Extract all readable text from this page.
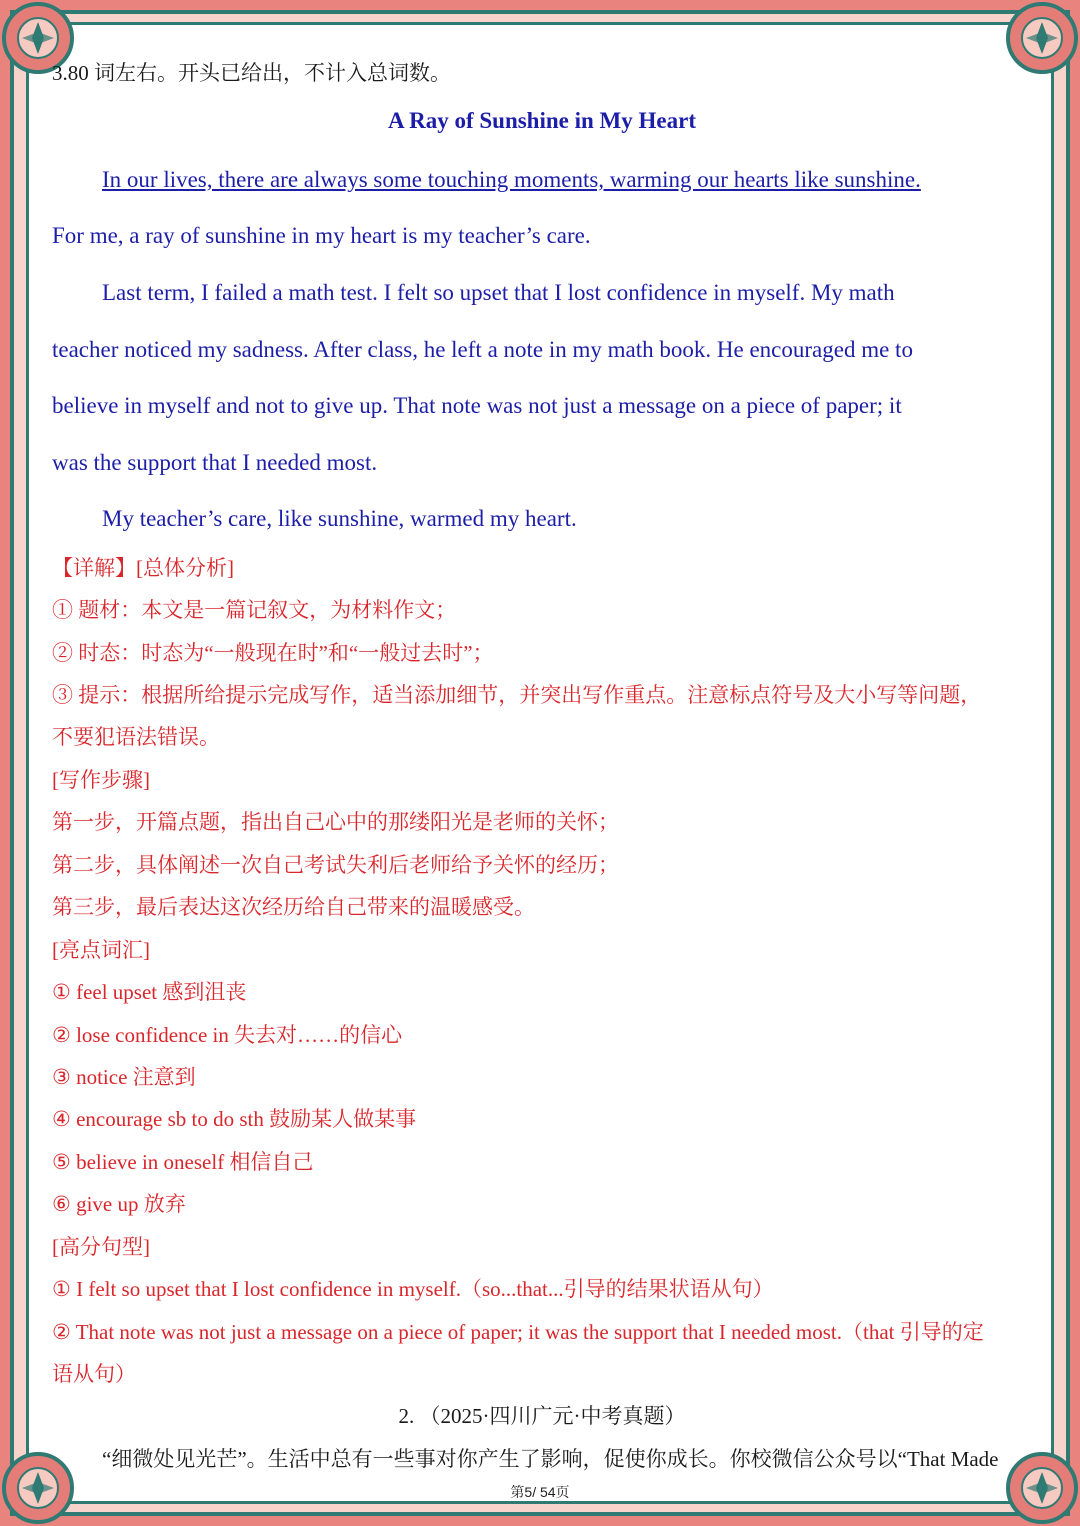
3.80 词左右。开头已给出，不计入总词数。
A Ray of Sunshine in My Heart
In our lives, there are always some touching moments, warming our hearts like sunshine.
For me, a ray of sunshine in my heart is my teacher’s care.
Last term, I failed a math test. I felt so upset that I lost confidence in myself. My math
teacher noticed my sadness. After class, he left a note in my math book. He encouraged me to
believe in myself and not to give up. That note was not just a message on a piece of paper; it
was the support that I needed most.
My teacher’s care, like sunshine, warmed my heart.
【详解】[总体分析]
① 题材：本文是一篇记叙文，为材料作文；
② 时态：时态为“一般现在时”和“一般过去时”；
③ 提示：根据所给提示完成写作，适当添加细节，并突出写作重点。注意标点符号及大小写等问题，
不要犯语法错误。
[写作步骤]
第一步，开篇点题，指出自己心中的那缕阳光是老师的关怀；
第二步，具体阐述一次自己考试失利后老师给予关怀的经历；
第三步，最后表达这次经历给自己带来的温暖感受。
[亮点词汇]
① feel upset 感到沮丧
② lose confidence in 失去对……的信心
③ notice 注意到
④ encourage sb to do sth 鼓励某人做某事
⑤ believe in oneself 相信自己
⑥ give up 放弃
[高分句型]
① I felt so upset that I lost confidence in myself.（so...that...引导的结果状语从句）
② That note was not just a message on a piece of paper; it was the support that I needed most.（that 引导的定
语从句）
2. （2025·四川广元·中考真题）
“细微处见光芒”。生活中总有一些事对你产生了影响，促使你成长。你校微信公众号以“That Made
第5/ 54页
